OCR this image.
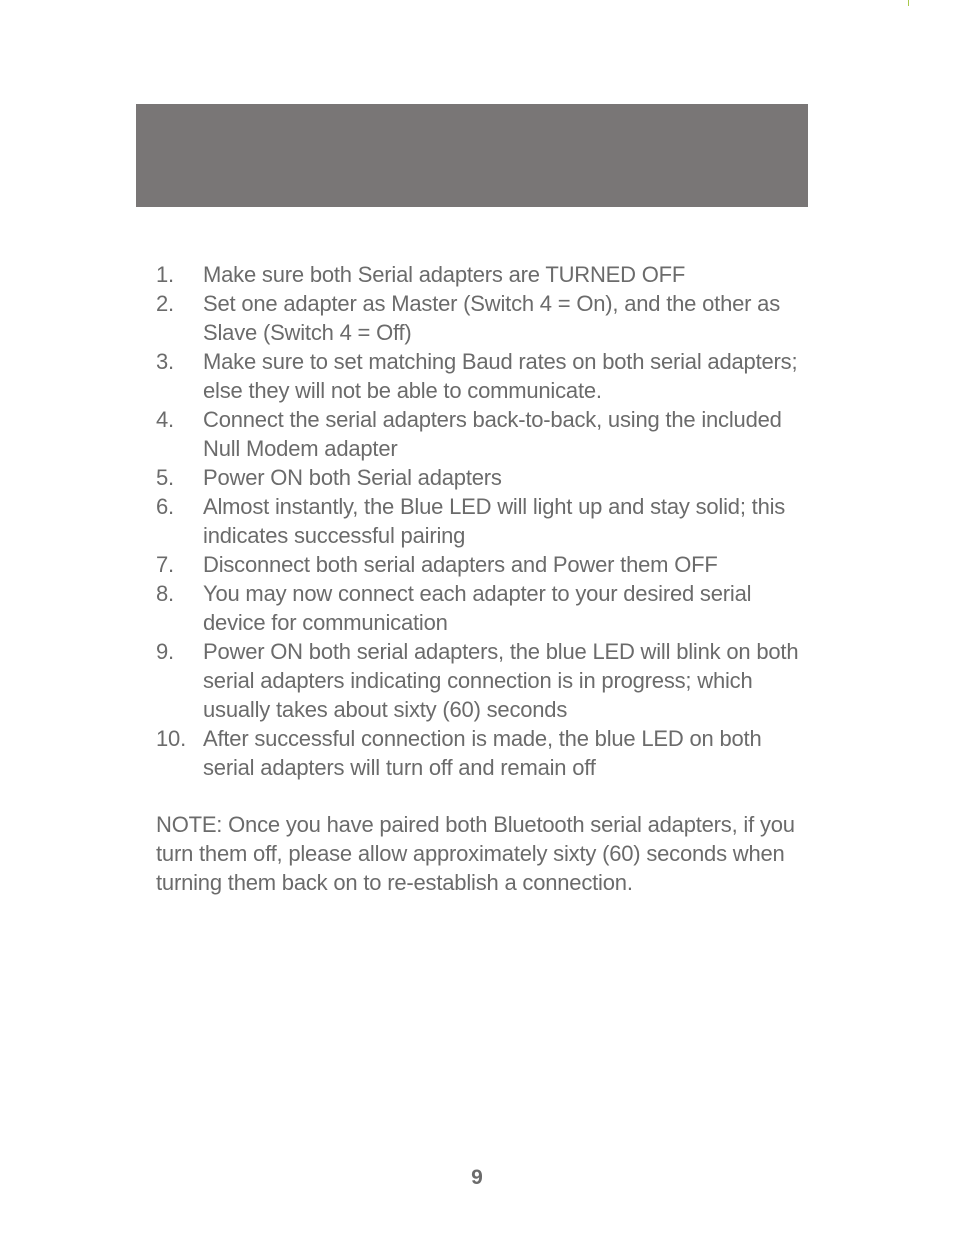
1.	Make sure both Serial adapters are TURNED OFF
2.	Set one adapter as Master (Switch 4 = On), and the other as Slave (Switch 4 = Off)
3.	Make sure to set matching Baud rates on both serial adapters; else they will not be able to communicate.
4.	Connect the serial adapters back-to-back, using the included Null Modem adapter
5.	Power ON both Serial adapters
6.	Almost instantly, the Blue LED will light up and stay solid; this indicates successful pairing
7.	Disconnect both serial adapters and Power them OFF
8.	You may now connect each adapter to your desired serial device for communication
9.	Power ON both serial adapters, the blue LED will blink on both serial adapters indicating connection is in progress; which usually takes about sixty (60) seconds
10. After successful connection is made, the blue LED on both serial adapters will turn off and remain off

NOTE: Once you have paired both Bluetooth serial adapters, if you turn them off, please allow approximately sixty (60) seconds when turning them back on to re-establish a connection.

9
